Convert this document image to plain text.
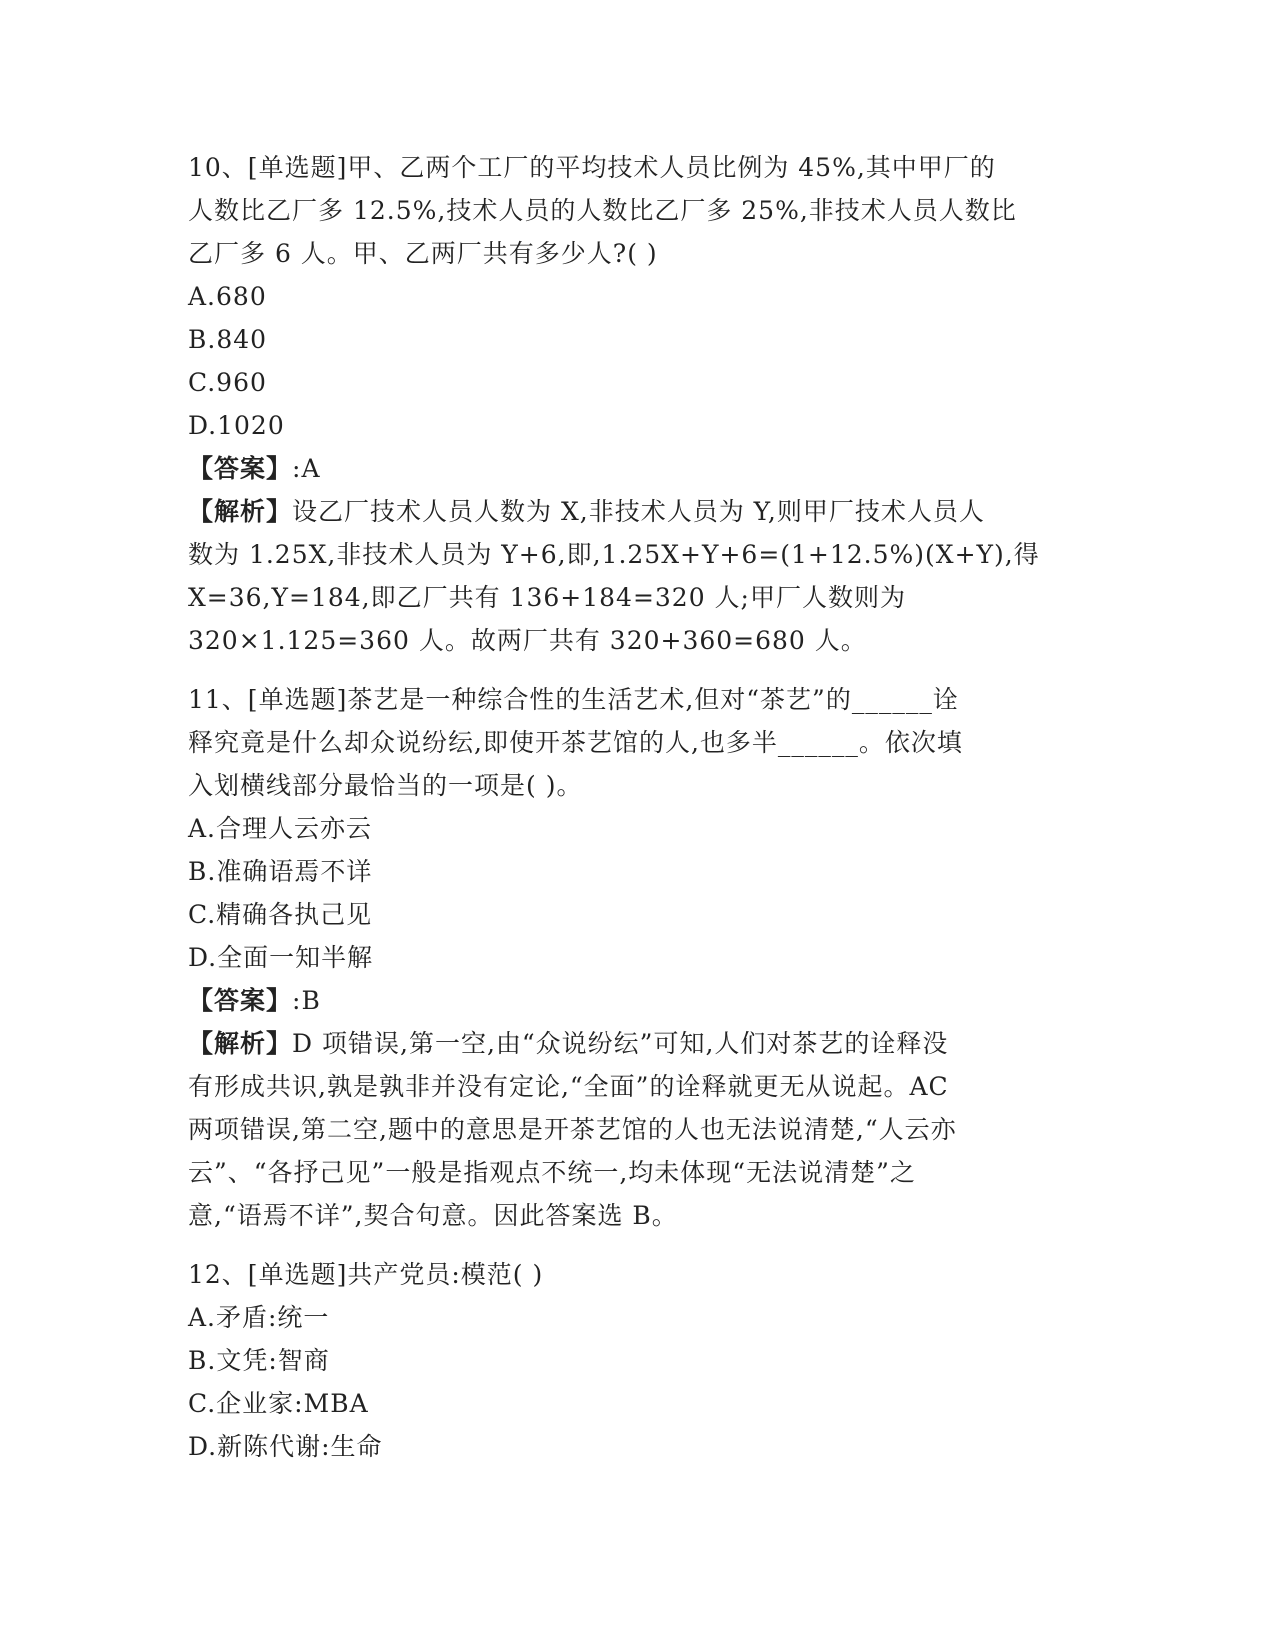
10、[单选题]甲、乙两个工厂的平均技术人员比例为 45%,其中甲厂的
人数比乙厂多 12.5%,技术人员的人数比乙厂多 25%,非技术人员人数比
乙厂多 6 人。甲、乙两厂共有多少人?( )
A.680
B.840
C.960
D.1020
【答案】:A
【解析】设乙厂技术人员人数为 X,非技术人员为 Y,则甲厂技术人员人
数为 1.25X,非技术人员为 Y+6,即,1.25X+Y+6=(1+12.5%)(X+Y),得
X=36,Y=184,即乙厂共有 136+184=320 人;甲厂人数则为
320×1.125=360 人。故两厂共有 320+360=680 人。
11、[单选题]茶艺是一种综合性的生活艺术,但对“茶艺”的______诠
释究竟是什么却众说纷纭,即使开茶艺馆的人,也多半______。依次填
入划横线部分最恰当的一项是( )。
A.合理人云亦云
B.准确语焉不详
C.精确各执己见
D.全面一知半解
【答案】:B
【解析】D 项错误,第一空,由“众说纷纭”可知,人们对茶艺的诠释没
有形成共识,孰是孰非并没有定论,“全面”的诠释就更无从说起。AC
两项错误,第二空,题中的意思是开茶艺馆的人也无法说清楚,“人云亦
云”、“各抒己见”一般是指观点不统一,均未体现“无法说清楚”之
意,“语焉不详”,契合句意。因此答案选 B。
12、[单选题]共产党员:模范( )
A.矛盾:统一
B.文凭:智商
C.企业家:MBA
D.新陈代谢:生命
